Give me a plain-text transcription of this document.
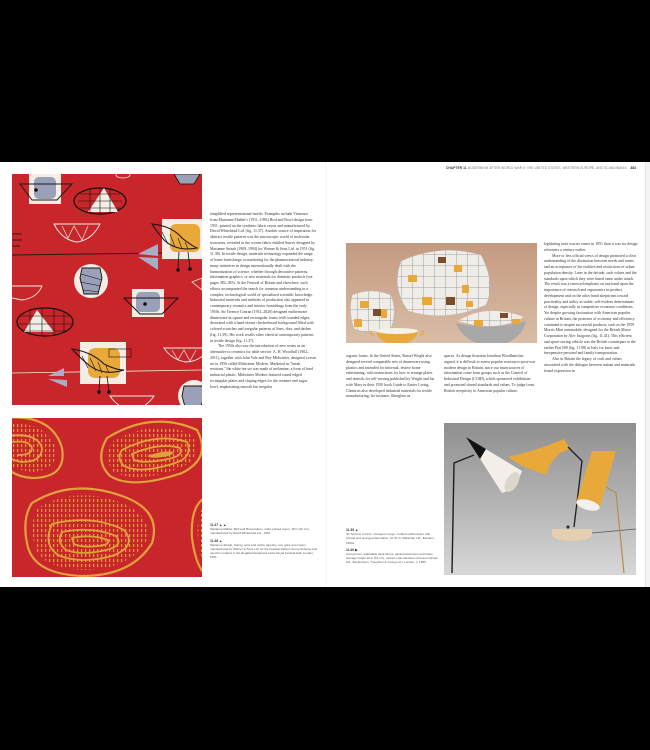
CHAPTER 11 MODERNISM AFTER WORLD WAR II: THE UNITED STATES, WESTERN EUROPE, AND SCANDINAVIA 383

simplified representational motifs. Examples include Vinnonce from Marianne Mahler's (1911–1983) Bird and Bowl design from 1951, printed on the synthetic fabric rayon and manufactured by David Whitehead Ltd. (fig. 11.37). Another source of inspiration for abstract textile patterns was the microscopic world of molecular structures, revealed in the woven fabric entitled Surrey designed by Marianne Straub (1909–1994) for Warner & Sons Ltd. in 1951 (fig. 11.38). In textile design, materials technology expanded the range of home furnishings; in marketing for the pharmaceutical industry, many initiatives in design internationally dealt with the harmonization of science, whether through decorative patterns, information graphics, or new materials for domestic products (see pages 382–383). At the Festival of Britain and elsewhere, such efforts accompanied the search for common understanding in a complex, technological world of specialized scientific knowledge. Industrial materials and methods of production also appeared in contemporary ceramics and interior furnishings from the early 1950s. Sir Terence Conran (1931–2020) designed earthenware dinnerware in square and rectangular forms with rounded edges, decorated with a hand-drawn checkerboard background filled with colored scratches and irregular patterns of lines, dots, and dashes (fig. 11.39). His work recalls other cheerful contemporary patterns in textile design (fig. 11.37).

The 1950s also saw the introduction of new resins as an alternative to ceramics for table service. A. H. Woodfull (1902–2011), together with John Vale and Roy Midwinter, designed a resin set in 1956 called Midwinter Modern. Marketed as "break resistant," the white tea set was made of melamine, a form of hard industrial plastic. Midwinter Modern featured round-edged rectangular plates and sloping edges for the creamer and sugar bowl, emphasizing smooth but irregular

11.37 ▲ ▲
Marianne Mahler, Bird and Bowl pattern, roller-printed rayon, 18 in (46 cm), manufactured by David Whitehead Ltd., 1951.
11.38 ▲
Marianne Straub, Surrey, wool and cotton tapestry, red, gold, and cream, manufactured by Warner & Sons Ltd. for the Festival Pattern Group Scheme and used for curtains in the Regatta Restaurant at the Royal Festival Hall, London, 1951.

organic forms. In the United States, Russel Wright also designed several comparable sets of dinnerware using plastics and intended for informal, festive home entertaining, with instructions for how to arrange plates and utensils for self-serving published by Wright and his wife Mary in their 1950 book Guide to Easier Living. Chemists also developed industrial materials for textile manufacturing; for instance, fiberglass as

spaces. As design historian Jonathan Woodham has argued, it is difficult to assess popular reaction to post-war modern design in Britain, since our main sources of information come from groups such as the Council of Industrial Design (COID), which sponsored exhibitions and promoted shared standards and values. To judge from British receptivity to American popular culture,

legislating taste was no easier in 1951 than it was for design reformers a century earlier.

More or less official views of design promoted a clear understanding of the distinction between needs and wants and an acceptance of the realities and restrictions of urban population density. Later in the decade, such values and the standards upon which they were based came under attack. The result was a renewed emphasis on one hand upon the importance of research and ergonomics in product development and on the other hand skepticism toward practicality and utility as stable, self-evident determinants of design, especially in competitive economic conditions. Yet despite growing fascination with American popular culture in Britain, the promises of economy and efficiency continued to inspire successful products, such as the 1959 Morris Mini automobile, designed for the British Motor Corporation by Alec Issigonis (fig. 11.41). This efficient and space-saving vehicle was the British counterpart to the earlier Fiat 500 (fig. 11.88) in Italy for basic and inexpensive personal and family transportation.

Also in Britain the legacy of craft and values associated with the dialogue between artisan and materials found expression in

11.39 ▲
Sir Terence Conran, Chequers range, molded earthenware with printed and sponged decoration, for W. R. Midwinter Ltd., Burslem, 1950s.
11.40 ▶
Anonymous, adjustable desk lamps, painted aluminum and brass, average height 20 in (51 cm), various manufacturers (Cosset Holman Ltd., Beckenham, Troughton & Young Ltd.), London, c. 1955.
